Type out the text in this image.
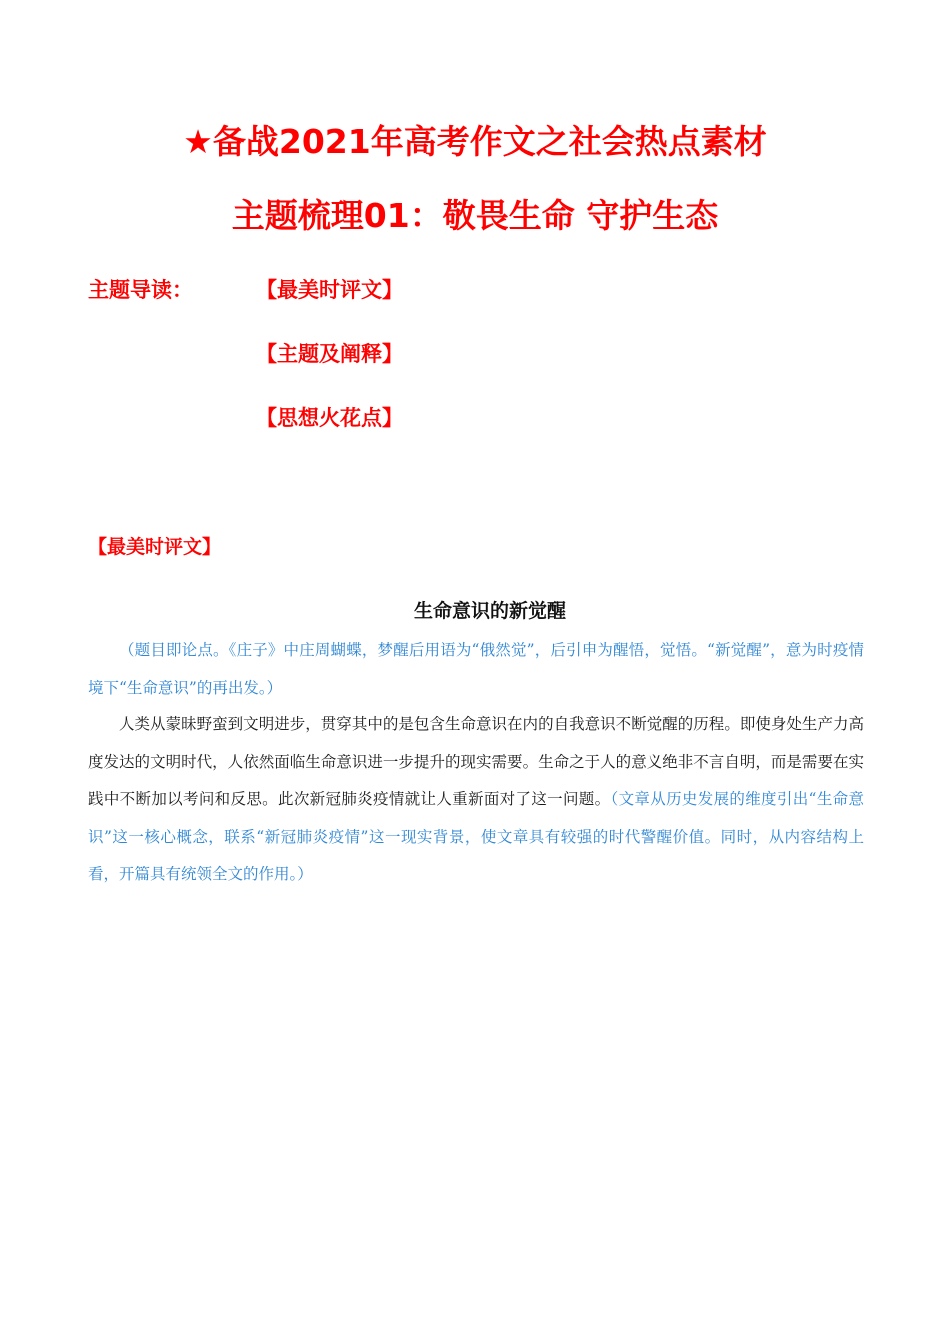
★备战2021年高考作文之社会热点素材
主题梳理01：敬畏生命 守护生态
主题导读：	【最美时评文】
【主题及阐释】
【思想火花点】
【最美时评文】
生命意识的新觉醒

（题目即论点。《庄子》中庄周蝴蝶，梦醒后用语为“俄然觉”，后引申为醒悟，觉悟。“新觉醒”，意为时疫情境下“生命意识”的再出发。）

人类从蒙昧野蛮到文明进步，贯穿其中的是包含生命意识在内的自我意识不断觉醒的历程。即使身处生产力高度发达的文明时代，人依然面临生命意识进一步提升的现实需要。生命之于人的意义绝非不言自明，而是需要在实践中不断加以考问和反思。此次新冠肺炎疫情就让人重新面对了这一问题。（文章从历史发展的维度引出“生命意识”这一核心概念，联系“新冠肺炎疫情”这一现实背景，使文章具有较强的时代警醒价值。同时，从内容结构上看，开篇具有统领全文的作用。）
